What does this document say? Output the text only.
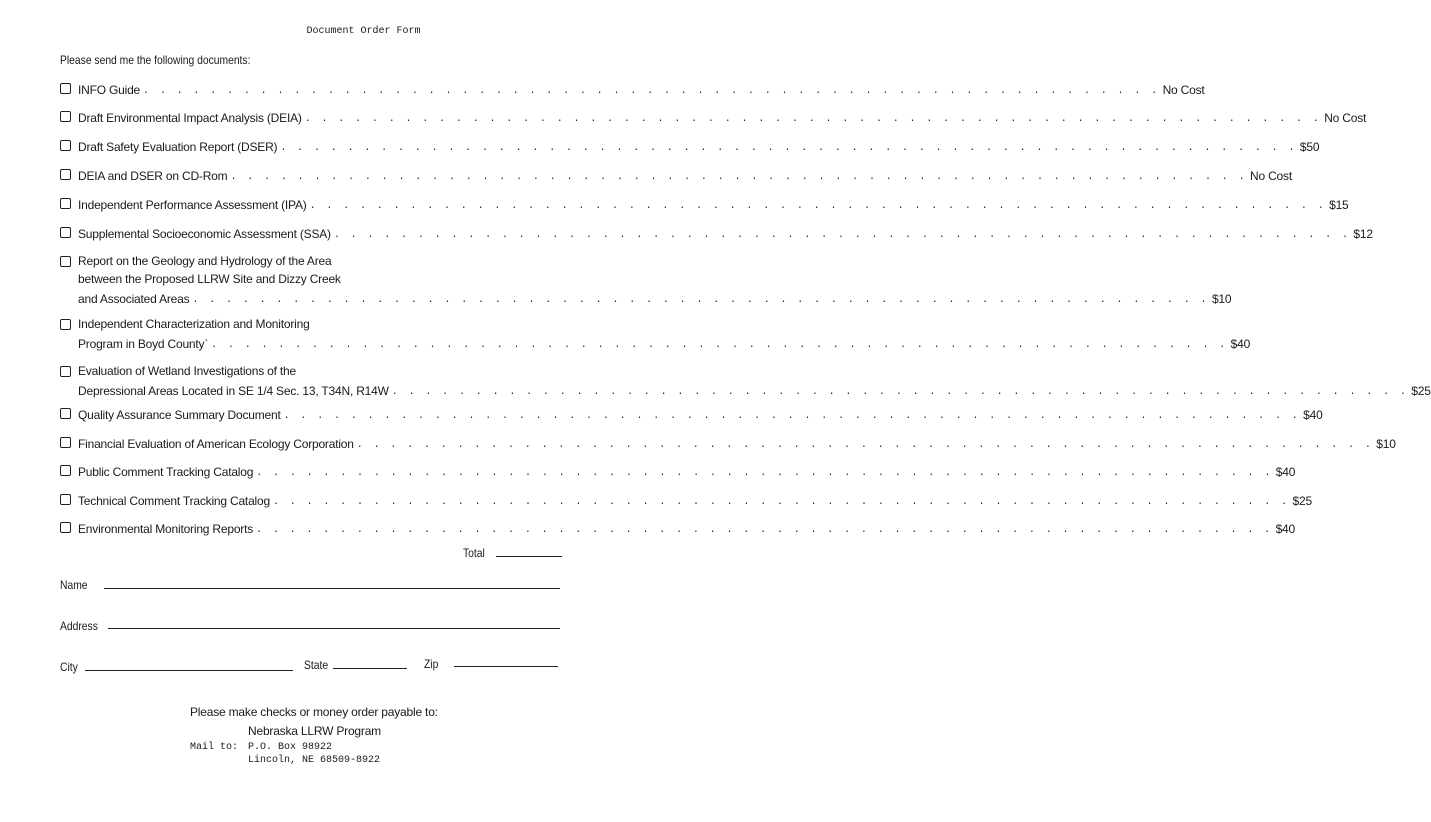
Document Order Form
Please send me the following documents:
INFO Guide . . . . . . . . . . . . . . . . . . . . . . . . . . . . . . . . . . . . . . . . . . . . . . . . . . . . . . . . . . . . . No Cost
Draft Environmental Impact Analysis (DEIA) . . . . . . . . . . . . . . . . . . . . . . . . . . . . . . . . . . . . . . . . . . . . . . . . . . . . . . . . . . . . . No Cost
Draft Safety Evaluation Report (DSER) . . . . . . . . . . . . . . . . . . . . . . . . . . . . . . . . . . . . . . . . . . . . . . . . . . . . . . . . . . . . . $50
DEIA and DSER on CD-Rom . . . . . . . . . . . . . . . . . . . . . . . . . . . . . . . . . . . . . . . . . . . . . . . . . . . . . . . . . . . . . No Cost
Independent Performance Assessment (IPA) . . . . . . . . . . . . . . . . . . . . . . . . . . . . . . . . . . . . . . . . . . . . . . . . . . . . . . . . . . . . . $15
Supplemental Socioeconomic Assessment (SSA) . . . . . . . . . . . . . . . . . . . . . . . . . . . . . . . . . . . . . . . . . . . . . . . . . . . . . . . . . . . . . $12
Report on the Geology and Hydrology of the Area
between the Proposed LLRW Site and Dizzy Creek
and Associated Areas . . . . . . . . . . . . . . . . . . . . . . . . . . . . . . . . . . . . . . . . . . . . . . . . . . . . . . . . . . . . . $10
Independent Characterization and Monitoring
Program in Boyd County` . . . . . . . . . . . . . . . . . . . . . . . . . . . . . . . . . . . . . . . . . . . . . . . . . . . . . . . . . . . . . $40
Evaluation of Wetland Investigations of the
Depressional Areas Located in SE 1/4 Sec. 13, T34N, R14W . . . . . . . . . . . . . . . . . . . . . . . . . . . . . . . . . . . . . . . . . . . . . . . . . . . . . . . . . . . . . $25
Quality Assurance Summary Document . . . . . . . . . . . . . . . . . . . . . . . . . . . . . . . . . . . . . . . . . . . . . . . . . . . . . . . . . . . . . $40
Financial Evaluation of American Ecology Corporation . . . . . . . . . . . . . . . . . . . . . . . . . . . . . . . . . . . . . . . . . . . . . . . . . . . . . . . . . . . . . $10
Public Comment Tracking Catalog . . . . . . . . . . . . . . . . . . . . . . . . . . . . . . . . . . . . . . . . . . . . . . . . . . . . . . . . . . . . . $40
Technical Comment Tracking Catalog . . . . . . . . . . . . . . . . . . . . . . . . . . . . . . . . . . . . . . . . . . . . . . . . . . . . . . . . . . . . . $25
Environmental Monitoring Reports . . . . . . . . . . . . . . . . . . . . . . . . . . . . . . . . . . . . . . . . . . . . . . . . . . . . . . . . . . . . . $40
Total
Name
Address
City	State	Zip
Please make checks or money order payable to:
Nebraska LLRW Program
Mail to: P.O. Box 98922
Lincoln, NE 68509-8922
